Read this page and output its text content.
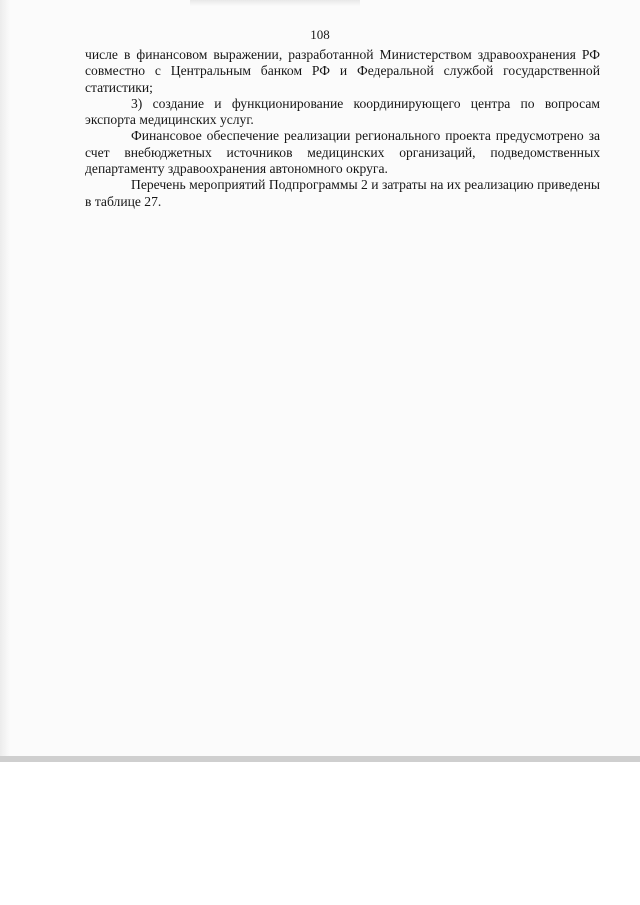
108

числе в финансовом выражении, разработанной Министерством здравоохранения РФ совместно с Центральным банком РФ и Федеральной службой государственной статистики;

3) создание и функционирование координирующего центра по вопросам экспорта медицинских услуг.

Финансовое обеспечение реализации регионального проекта предусмотрено за счет внебюджетных источников медицинских организаций, подведомственных департаменту здравоохранения автономного округа.

Перечень мероприятий Подпрограммы 2 и затраты на их реализацию приведены в таблице 27.
